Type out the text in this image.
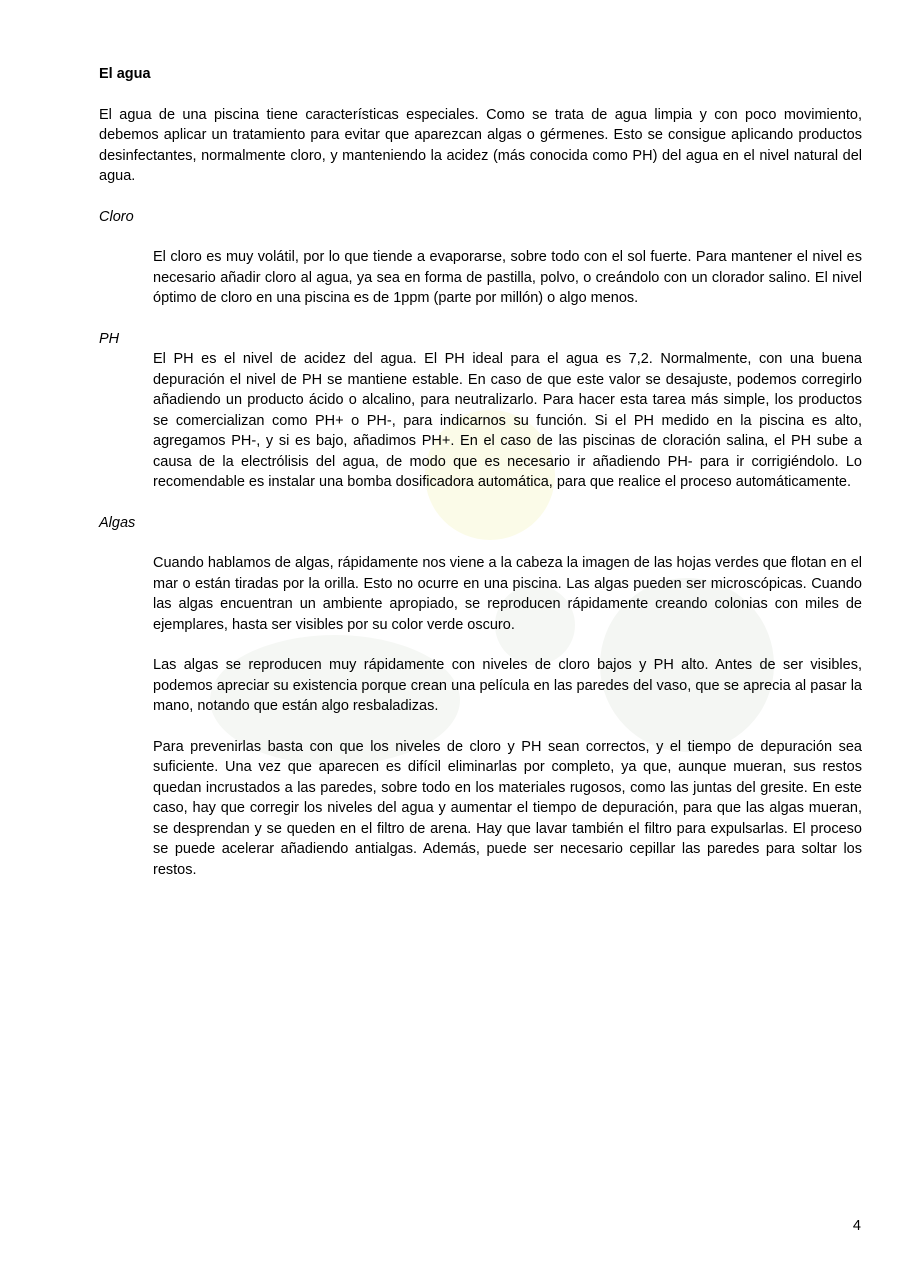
El agua

El agua de una piscina tiene características especiales. Como se trata de agua limpia y con poco movimiento, debemos aplicar un tratamiento para evitar que aparezcan algas o gérmenes. Esto se consigue aplicando productos desinfectantes, normalmente cloro, y manteniendo la acidez (más conocida como PH) del agua en el nivel natural del agua.

Cloro

El cloro es muy volátil, por lo que tiende a evaporarse, sobre todo con el sol fuerte. Para mantener el nivel es necesario añadir cloro al agua, ya sea en forma de pastilla, polvo, o creándolo con un clorador salino. El nivel óptimo de cloro en una piscina es de 1ppm (parte por millón) o algo menos.

PH

El PH es el nivel de acidez del agua. El PH ideal para el agua es 7,2. Normalmente, con una buena depuración el nivel de PH se mantiene estable. En caso de que este valor se desajuste, podemos corregirlo añadiendo un producto ácido o alcalino, para neutralizarlo. Para hacer esta tarea más simple, los productos se comercializan como PH+ o PH-, para indicarnos su función. Si el PH medido en la piscina es alto, agregamos PH-, y si es bajo, añadimos PH+. En el caso de las piscinas de cloración salina, el PH sube a causa de la electrólisis del agua, de modo que es necesario ir añadiendo PH- para ir corrigiéndolo. Lo recomendable es instalar una bomba dosificadora automática, para que realice el proceso automáticamente.

Algas

Cuando hablamos de algas, rápidamente nos viene a la cabeza la imagen de las hojas verdes que flotan en el mar o están tiradas por la orilla. Esto no ocurre en una piscina. Las algas pueden ser microscópicas. Cuando las algas encuentran un ambiente apropiado, se reproducen rápidamente creando colonias con miles de ejemplares, hasta ser visibles por su color verde oscuro.

Las algas se reproducen muy rápidamente con niveles de cloro bajos y PH alto. Antes de ser visibles, podemos apreciar su existencia porque crean una película en las paredes del vaso, que se aprecia al pasar la mano, notando que están algo resbaladizas.

Para prevenirlas basta con que los niveles de cloro y PH sean correctos, y el tiempo de depuración sea suficiente. Una vez que aparecen es difícil eliminarlas por completo, ya que, aunque mueran, sus restos quedan incrustados a las paredes, sobre todo en los materiales rugosos, como las juntas del gresite. En este caso, hay que corregir los niveles del agua y aumentar el tiempo de depuración, para que las algas mueran, se desprendan y se queden en el filtro de arena. Hay que lavar también el filtro para expulsarlas. El proceso se puede acelerar añadiendo antialgas. Además, puede ser necesario cepillar las paredes para soltar los restos.

4
